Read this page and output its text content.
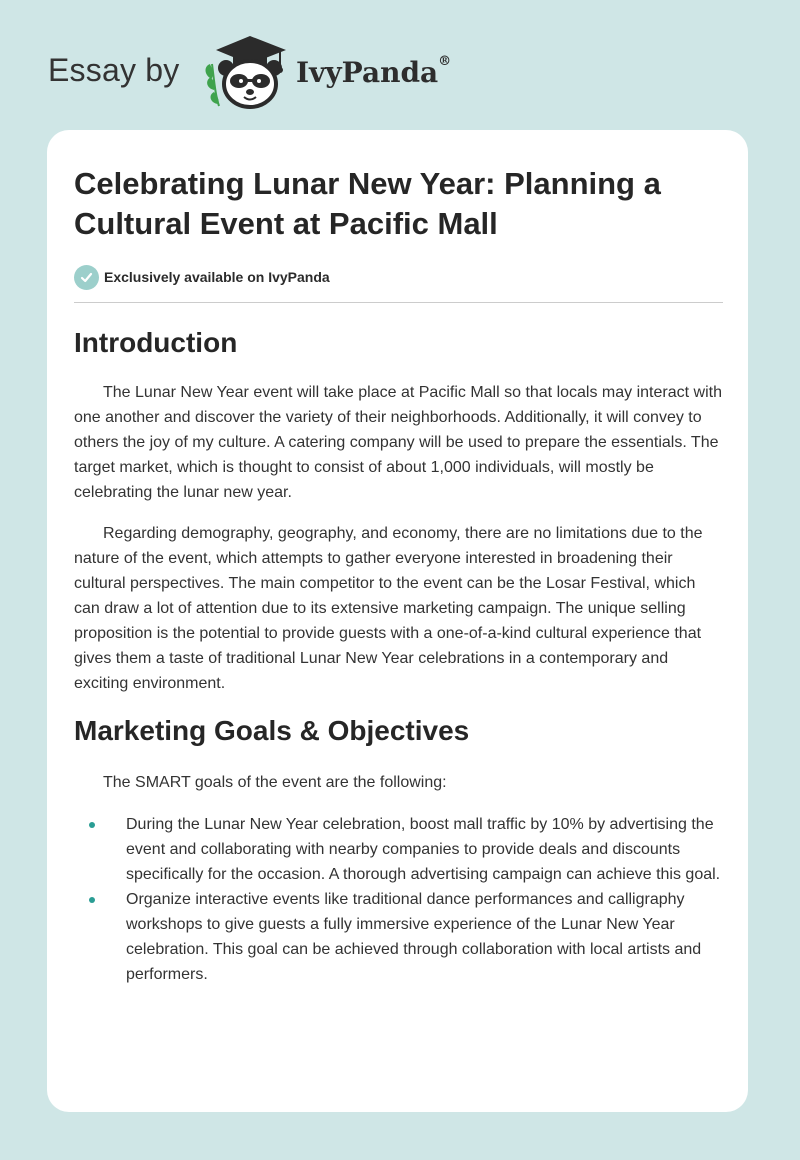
Essay by	IvyPanda®
Celebrating Lunar New Year: Planning a Cultural Event at Pacific Mall
Exclusively available on IvyPanda
Introduction

The Lunar New Year event will take place at Pacific Mall so that locals may interact with one another and discover the variety of their neighborhoods. Additionally, it will convey to others the joy of my culture. A catering company will be used to prepare the essentials. The target market, which is thought to consist of about 1,000 individuals, will mostly be celebrating the lunar new year.

Regarding demography, geography, and economy, there are no limitations due to the nature of the event, which attempts to gather everyone interested in broadening their cultural perspectives. The main competitor to the event can be the Losar Festival, which can draw a lot of attention due to its extensive marketing campaign. The unique selling proposition is the potential to provide guests with a one-of-a-kind cultural experience that gives them a taste of traditional Lunar New Year celebrations in a contemporary and exciting environment.

Marketing Goals & Objectives

The SMART goals of the event are the following:

During the Lunar New Year celebration, boost mall traffic by 10% by advertising the event and collaborating with nearby companies to provide deals and discounts specifically for the occasion. A thorough advertising campaign can achieve this goal.
Organize interactive events like traditional dance performances and calligraphy workshops to give guests a fully immersive experience of the Lunar New Year celebration. This goal can be achieved through collaboration with local artists and performers.
